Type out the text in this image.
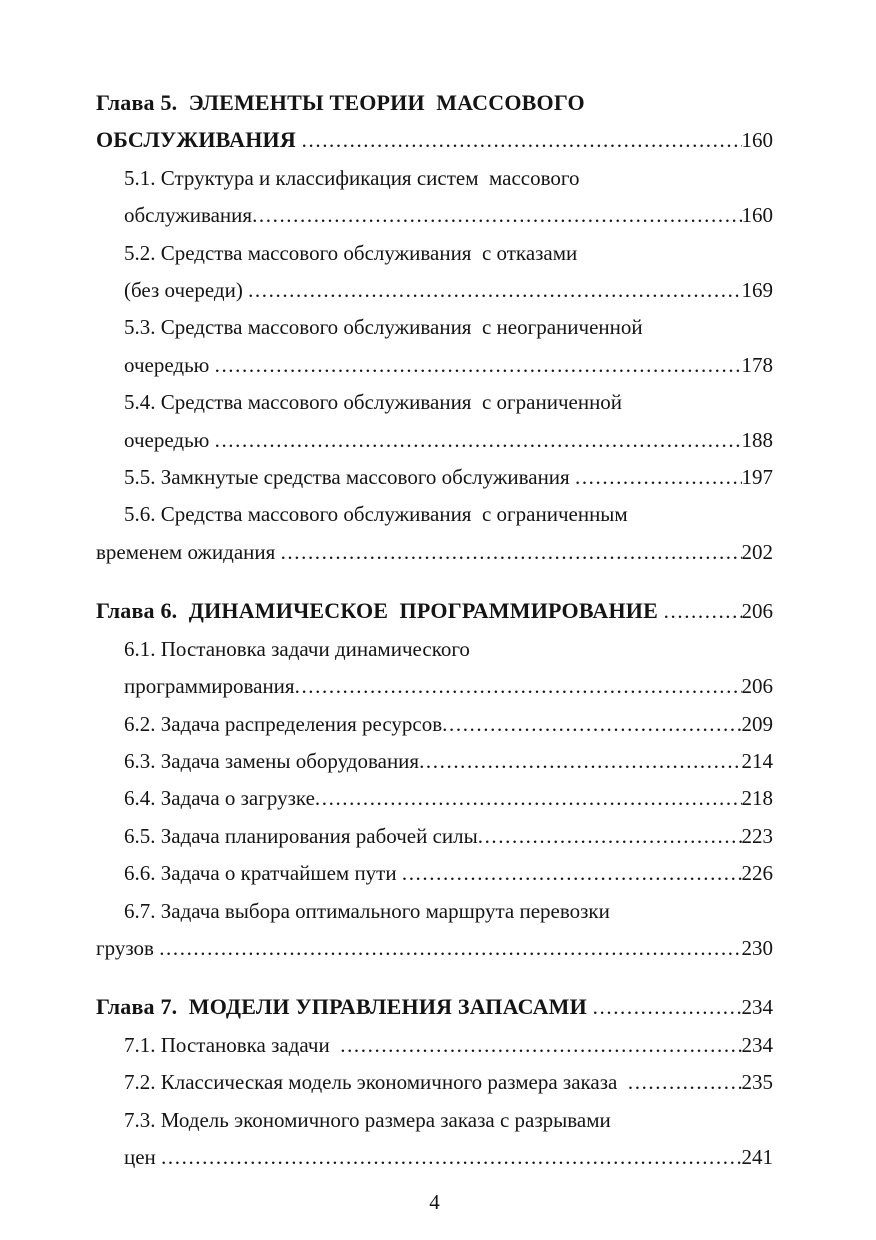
Глава 5.  ЭЛЕМЕНТЫ ТЕОРИИ  МАССОВОГО
ОБСЛУЖИВАНИЯ .....	160
5.1. Структура и классификация систем  массового
обслуживания .....	160
5.2. Средства массового обслуживания  с отказами
(без очереди) .....	169
5.3. Средства массового обслуживания  с неограниченной
очередью .....	178
5.4. Средства массового обслуживания  с ограниченной
очередью .....	188
5.5. Замкнутые средства массового обслуживания .....	197
5.6. Средства массового обслуживания  с ограниченным
временем ожидания .....	202
Глава 6.  ДИНАМИЧЕСКОЕ  ПРОГРАММИРОВАНИЕ .....	206
6.1. Постановка задачи динамического
программирования .....	206
6.2. Задача распределения ресурсов .....	209
6.3. Задача замены оборудования .....	214
6.4. Задача о загрузке .....	218
6.5. Задача планирования рабочей силы .....	223
6.6. Задача о кратчайшем пути .....	226
6.7. Задача выбора оптимального маршрута перевозки
грузов .....	230
Глава 7.  МОДЕЛИ УПРАВЛЕНИЯ ЗАПАСАМИ .....	234
7.1. Постановка задачи .....	234
7.2. Классическая модель экономичного размера заказа .....	235
7.3. Модель экономичного размера заказа с разрывами
цен .....	241
4
